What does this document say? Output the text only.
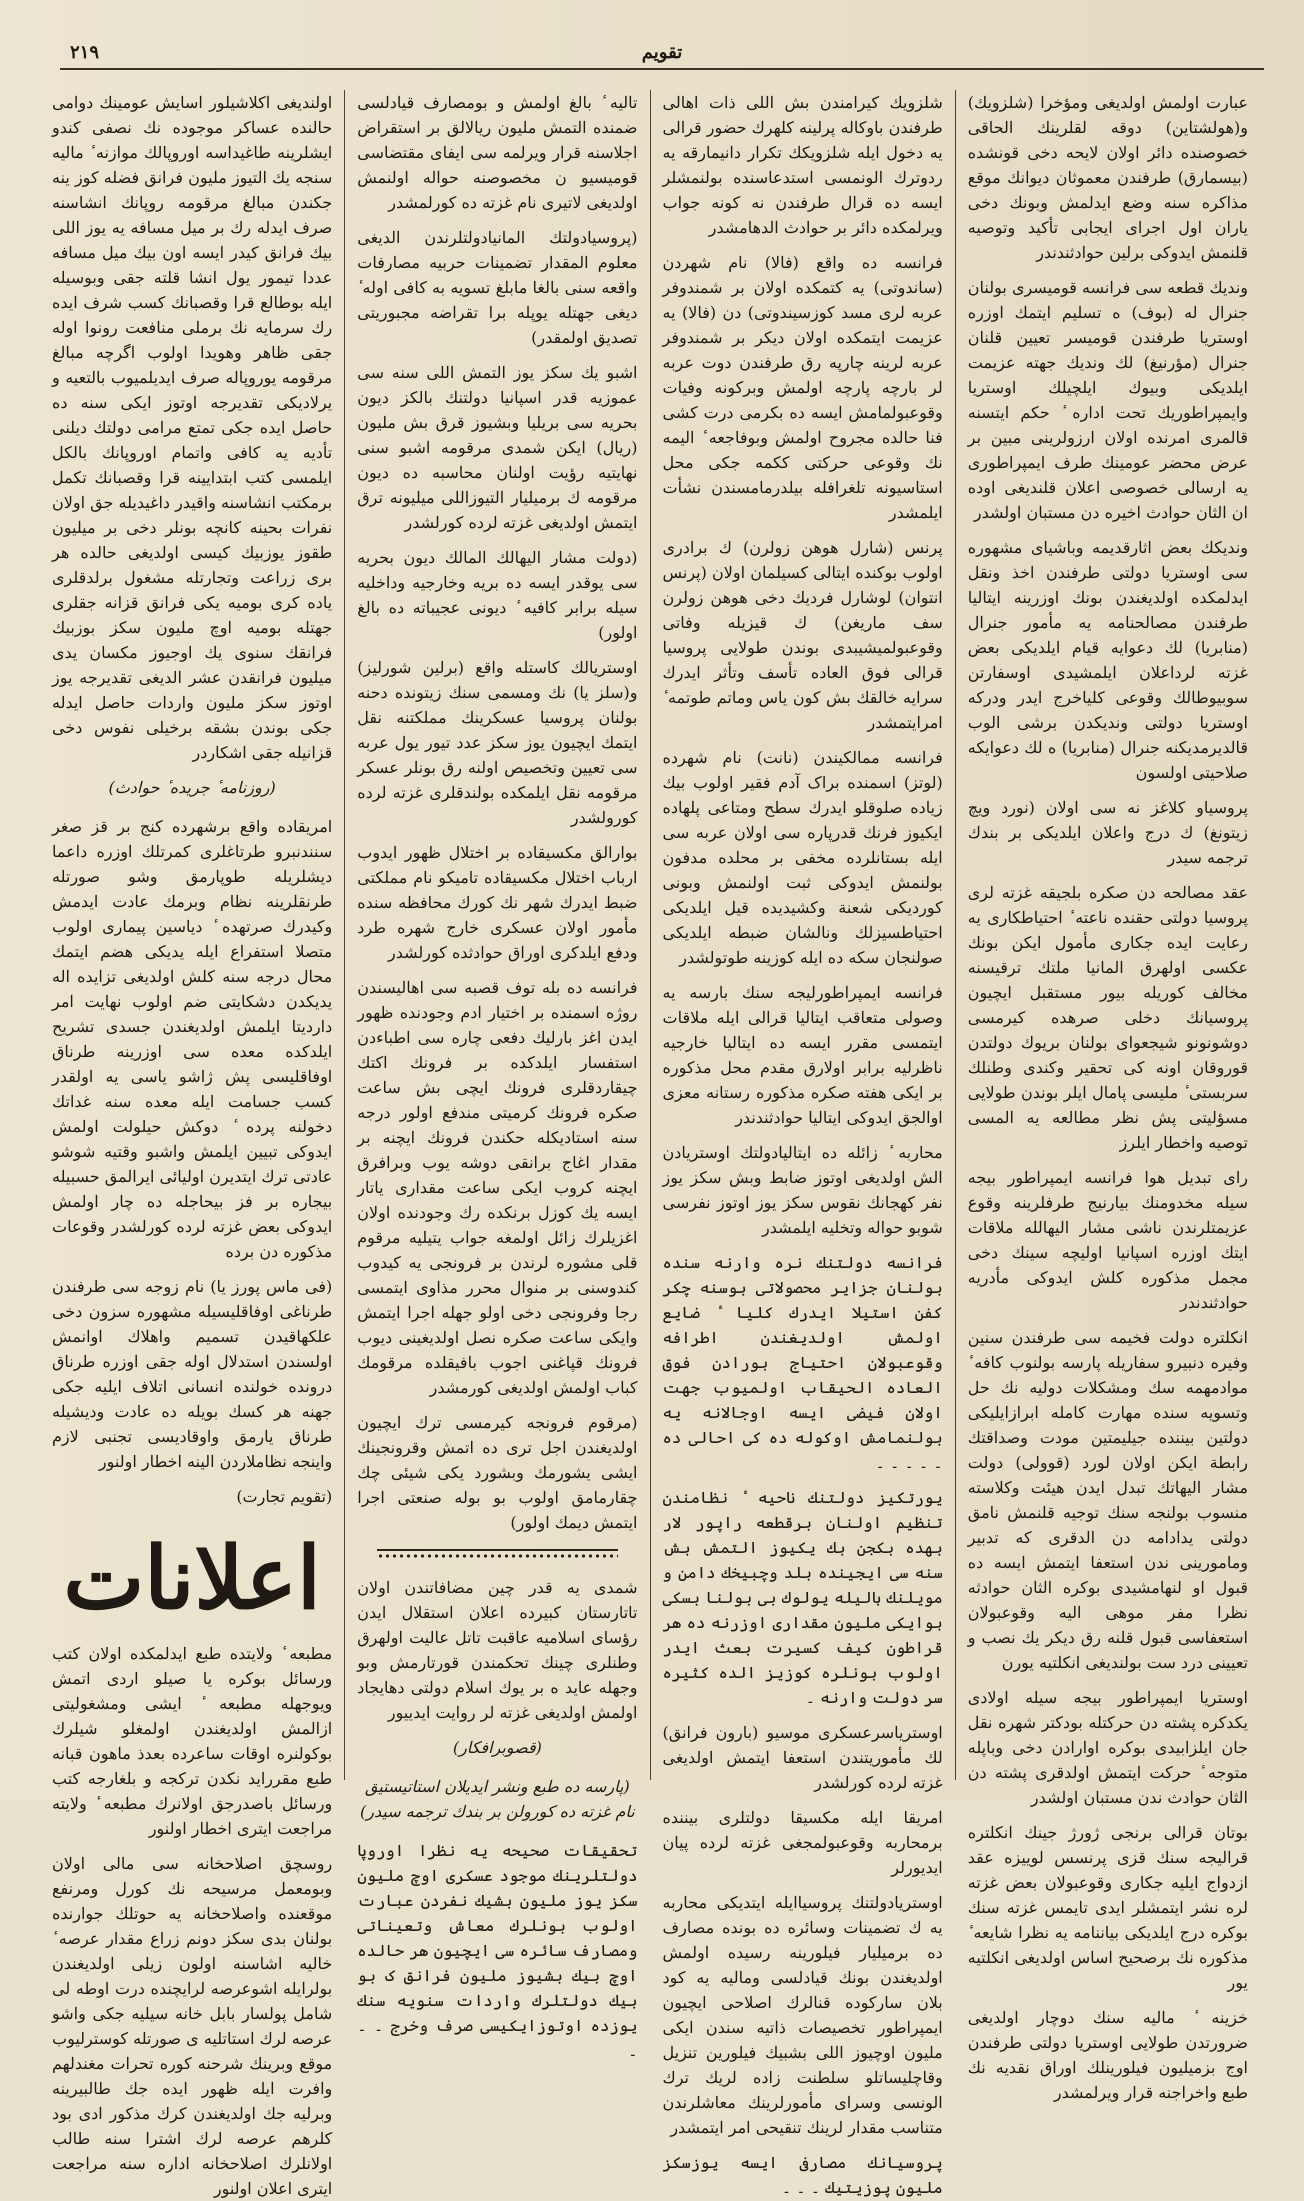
تقويم
٢١٩

عبارت اولمش اولدیغی ومؤخرا (شلزویك) و(هولشتاین) دوقه لقلرینك الحاقی خصوصنده دائر اولان لایحه دخی قونشده (بیسمارق) طرفندن معموثان دیوانك موقع مذاکره سنه وضع ایدلمش وبونك دخی یاران اول اجرای ایجابی تأکید وتوصیه قلنمش ایدوکی برلین حوادثندندر

وندیك قطعه سی فرانسه قومیسری بولنان جنرال له (بوف) ه تسلیم ایتمك اوزره اوستریا طرفندن قومیسر تعیین قلنان جنرال (مؤرنیغ) لك وندیك جهته عزیمت ایلدیکی وبیوك ایلچیلك اوستریا وایمپراطوریك تحت اداره ٔ حکم ایتسنه قالمری امرنده اولان ارزولرینی مبین بر عرض محضر عومینك طرف ایمپراطوری یه ارسالی خصوصی اعلان قلندیغی اوده ان الثان حوادث اخیره دن مستبان اولشدر

وندیکك بعض اثارقدیمه وباشیای مشهوره سی اوستریا دولتی طرفندن اخذ ونقل ایدلمکده اولدیغندن بونك اوزرینه ایتالیا طرفندن مصالحنامه یه مأمور جنرال (منابریا) لك دعوایه قیام ایلدیکی بعض غزته لرداعلان ایلمشیدی اوسفارتن سوبیوطالك وقوعی کلیاخرج ایدر ودرکه اوستریا دولتی وندیکدن برشی الوب قالدیرمدیکنه جنرال (منابریا) ه لك دعوایکه صلاحیتی اولسون

پروسیاو کلاغز نه سی اولان (نورد ویچ زیتونغ) ك درج واعلان ایلدیکی بر بندك ترجمه سیدر

عقد مصالحه دن صکره بلجیقه غزته لری پروسیا دولتی حقنده ناعته ٔ احتیاطکاری یه رعایت ایده جکاری مأمول ایکن بونك عکسی اولهرق المانیا ملتك ترقیسنه مخالف کوریله بیور مستقبل ایچیون پروسیانك دخلی صرهده کیرمسی دوشونونو شیجعوای بولنان بریوك دولتدن قوروقان اونه کی تحقیر وکندی وطنلك سربستی ٔ ملیسی پامال ایلر بوندن طولایی مسؤلیتی پش نظر مطالعه یه المسی توصیه واخطار ایلرز

رای تبدیل هوا فرانسه ایمپراطور بیجه سیله مخدومنك بیارنیج طرفلرینه وقوع عزیمتلرندن ناشی مشار الیهالله ملاقات ایتك اوزره اسپانیا اولیچه سینك دخی مجمل مذکوره کلش ایدوکی مأدریه حوادثندندر

انکلتره دولت فخیمه سی طرفندن سنین وفیره دنبیرو سفاریله پارسه بولنوب کافه ٔ موادمهمه سك ومشکلات دولیه نك حل وتسویه سنده مهارت کامله ابرازایلیکی دولتین بیننده جیلیمتین مودت وصداقتك رابطة ایکن اولان لورد (قوولی) دولت مشار الیهاتك تبدل ایدن هیئت وکلاسته منسوب بولنجه سنك توجیه قلنمش نامق دولتی یدادامه دن الدقری که تدبیر ومامورینی ندن استعفا ایتمش ایسه ده قبول او لنهامشیدی بوکره الثان حوادثه نظرا مفر موهی الیه وقوعبولان استعفاسی قبول قلنه رق دیکر یك نصب و تعیینی درد ست بولندیغی انکلتیه یورن

اوستریا ایمپراطور بیجه سیله اولادی یکدکره پشته دن حرکتله بودکتر شهره نقل جان ایلزابیدی بوکره اوارادن دخی وباپله متوجه ٔ حرکت ایتمش اولدقری پشته دن الثان حوادث ندن مستبان اولشدر

بوتان قرالی برنجی ژورژ جینك انکلتره قرالیجه سنك قزی پرنسس لوییزه عقد ازدواج ایلیه جکاری وقوعبولان بعض غزته لره نشر ایتمشلر ایدی تایمس غزته سنك بوکره درج ایلدیکی بیاننامه یه نظرا شایعه ٔ مذکوره نك برصحیح اساس اولدیغی انکلتیه یور

خزینه ٔ مالیه سنك دوچار اولدیغی ضرورتدن طولایی اوستریا دولتی طرفندن اوج بزمیلیون فیلورینلك اوراق نقدیه نك طبع واخراجنه قرار ویرلمشدر

شلزویك كيرامندن بش اللی ذات اهالی طرفندن باوکاله پرلینه کلهرك حضور قرالی یه دخول ایله شلزویکك تکرار دانیمارقه یه ردوترك الونمسی استدعاسنده بولنمشلر ایسه ده قرال طرفندن نه کونه جواب ویرلمکده دائر بر حوادث الدهامشدر

فرانسه ده واقع (فالا) نام شهردن (ساندوتی) یه کتمکده اولان بر شمندوفر عربه لری مسد کوزسیندوتی) دن (فالا) یه عزیمت ایتمکده اولان دیکر بر شمندوفر عربه لرینه چارپه رق طرفندن دوت عربه لر بارچه پارچه اولمش وبرکونه وفیات وقوعبولمامش ایسه ده بکرمی درت کشی فنا حالده مجروح اولمش وبوفاجعه ٔ الیمه نك وقوعی حرکتی ککمه جکی محل استاسیونه تلغرافله بیلدرمامسندن نشأت ایلمشدر

پرنس (شارل هوهن زولرن) ك برادری اولوب بوکنده ایتالی کسیلمان اولان (پرنس انتوان) لوشارل فردیك دخی هوهن زولرن سف ماریغن) ك قیزیله وفاتی وقوعبولمیشیبدی بوندن طولایی پروسیا قرالی فوق العاده تأسف وتأثر ایدرك سرایه خالقك بش کون یاس وماتم طوتمه ٔ امرایتمشدر

فرانسه ممالکیندن (نانت) نام شهرده (لوتز) اسمنده براک آدم فقیر اولوب بیك زیاده صلوقلو ایدرك سطح ومتاعی پلهاده ایکیوز فرنك قدرپاره سی اولان عربه سی ایله بستانلرده مخفی بر محلده مدفون بولنمش ایدوکی ثبت اولنمش وبونی کوردیکی شعنة وکشیدیده قیل ایلدیکی احتیاطسیزلك ونالشان ضبطه ایلدیکی صولنجان سکه ده ایله کوزینه طوتولشدر

فرانسه ایمپراطورلیجه سنك بارسه یه وصولی متعاقب ایتالیا قرالی ایله ملاقات ایتمسی مقرر ایسه ده ایتالیا خارجیه ناظرلیه برابر اولارق مقدم محل مذکوره بر ایکی هفته صکره مذکوره رستانه معزی اوالجق ایدوکی ایتالیا حوادثندندر

محاربه ٔ زائله ده ایتالیادولتك اوستریادن الش اولدیغی اوتوز ضابط وبش سکز یوز نفر کهجانك نقوس سکز یوز اوتوز نفرسی شوبو حواله وتخلیه ایلمشدر

فرانسه دولتنك نره وارنه سنده بولنان جزایر محصولاتی بوسنه چکر کفن استیلا ایدرك کلیا ٔ ضایع اولمش اولدیغندن اطرافه وقوعبولان احتیاج بورادن فوق العاده الحیقاب اولمیوب جهت اولان فیضی ایسه اوجالانه یه بولنمامش اوکوله ده کی احالی ده ۔ ۔ ۔ ۔ ۔

یورتکیز دولتنك ناحیه ٔ نظامندن تنظیم اولنان برقطعه راپور لار بهده بکجن بك یكیوز التمش بش سنه سی ایجینده بلد وچبیخك دامن و مویلنك بالیله یولوك بی بولنا بسکی بوایکی ملیون مقداری اوزرنه ده هر قراطون کیف کسیرت بعث ایدر اولوب بونلره کوزیز الده کثیره سر دولت وارنه ۔

اوستریاسرعسکری موسیو (بارون فرانق) لك مأموریتندن استعفا ایتمش اولدیغی غزته لرده کورلشدر

امریقا ایله مکسیقا دولتلری بیننده برمحاربه وقوعبولمجغی غزته لرده پیان ایدیورلر

اوستریادولتنك پروسیاایله ایتدیکی محاربه یه ك تضمینات وسائره ده بونده مصارف ده برمیلیار فیلورینه رسیده اولمش اولدیغندن بونك قیادلسی ومالیه یه کود بلان سارکوده قنالرك اصلاحی ایچیون ایمپراطور تخصیصات ذاتیه سندن ایکی ملیون اوچیوز اللی بشبیك فیلورین تنزیل وقاچلیساتلو سلطنت زاده لریك ترك الونسی وسرای مأمورلرینك معاشلرندن متناسب مقدار لرینك تنقیحی امر ایتمشدر

پروسیانك مصارفی ایسه یوزسکز ملیون پوزیتیك ۔ ۔ ۔

تالیه ٔ بالغ اولمش و بومصارف قیادلسی ضمنده التمش ملیون ریالالق بر استقراض اجلاسنه قرار ویرلمه سی ایفای مقتضاسی قومیسیو ن مخصوصنه حواله اولنمش اولدیغی لاتیری نام غزته ده کورلمشدر

(پروسیادولتك المانیادولتلرندن الدیغی معلوم المقدار تضمینات حربیه مصارفات واقعه سنی بالغا مابلغ تسویه به کافی اوله ٔ دیغی جهتله یوپله برا تقراضه مجبوریتی تصدیق اولمقدر)

اشبو یك سکز یوز التمش اللی سنه سی عموزیه قدر اسپانیا دولتنك بالکز دیون بحریه سی بریلیا وبشیوز قرق بش ملیون (ریال) ایکن شمدی مرقومه اشبو سنی نهایتیه رؤیت اولنان محاسبه ده دیون مرقومه ك برمیلیار التیوزاللی میلیونه ترق ایتمش اولدیغی غزته لرده کورلشدر

(دولت مشار الیهالك المالك دیون بحریه سی یوقدر ایسه ده بریه وخارجیه وداخلیه سیله برابر کافیه ٔ دیونی عجیباته ده بالغ اولور)

اوستریالك کاستله واقع (برلین شورلیز) و(سلز یا) نك ومسمی سنك زیتونده دحنه بولنان پروسیا عسکرینك مملکتنه نقل ایتمك ایچیون یوز سکز عدد تیور یول عربه سی تعیین وتخصیص اولنه رق بونلر عسکر مرقومه نقل ایلمکده بولندقلری غزته لرده کورولشدر

بوارالق مکسیقاده بر اختلال ظهور ایدوب ارباب اختلال مکسیقاده تامیکو نام مملکتی ضبط ایدرك شهر نك کورك محافظه سنده مأمور اولان عسکری خارج شهره طرد ودفع ایلدکری اوراق حوادثده کورلشدر

فرانسه ده بله توف قصبه سی اهالیسندن روژه اسمنده بر اختیار ادم وجودنده ظهور ایدن اغز بارلیك دفعی چاره سی اطباءدن استفسار ایلدکده بر فرونك اکتك چیقاردقلری فرونك ایچی بش ساعت صکره فرونك کرمیتی مندفع اولور درجه سنه استادیکله حکندن فرونك ایچنه بر مقدار اغاج برانقی دوشه یوب وبرافرق ایچنه کروب ایکی ساعت مقداری یاتار ایسه یك کوزل برنکده رك وجودنده اولان اغزیلرك زائل اولمغه جواب یتیلیه مرقوم قلی مشوره لرندن بر فرونجی یه کیدوب کندوسنی بر منوال محرر مذاوی ایتمسی رجا وفرونجی دخی اولو جهله اجرا ایتمش وایکی ساعت صکره نصل اولدیغینی دیوب فرونك قپاغنی اجوب بافیقلده مرقومك کباب اولمش اولدیغی کورمشدر

(مرقوم فرونجه کیرمسی ترك ایچیون اولدیغندن اجل تری ده اتمش وقرونجینك ایشی یشورمك وبشورد یکی شیئی چك چقارمامق اولوب بو بوله صنعتی اجرا ایتمش دیمك اولور)

شمدی یه قدر چین مضافاتندن اولان تاتارستان کبیرده اعلان استقلال ایدن رؤسای اسلامیه عاقبت تاتل عالیت اولهرق وطنلری چینك تحکمندن قورتارمش وبو وجهله عاید ه بر یوك اسلام دولتی دهایجاد اولمش اولدیغی غزته لر روایت ایدییور

(قصوبرافکار)

(پارسه ده طبع ونشر ایدیلان استاتیستیق نام غزته ده کورولن بر بندك ترجمه سیدر)

تحقیقات صحیحه یه نظرا اوروپا دولتلرینك موجود عسکری اوچ ملیون سکز یوز ملیون بشیك نفردن عبارت اولوب بونلرك معاش وتعیناتی ومصارف سائره سی ایچیون هر حالده اوچ بیك بشیوز ملیون فرانق ک بو بیك دولتلرك واردات سنویه سنك یوزده اوتوزایکیسی صرف وخرج ۔ ۔ ۔

اولندیغی اکلاشیلور اسایش عومینك دوامی حالنده عساکر موجوده نك نصفی کندو ایشلرینه طاغیداسه اوروپالك موازنه ٔ مالیه سنجه یك التیوز ملیون فرانق فضله کوز ینه جکندن مبالغ مرقومه روپانك انشاسنه صرف ایدله رك بر میل مسافه یه یوز اللی بیك فرانق کیدر ایسه اون بیك میل مسافه عددا تیمور یول انشا قلته جقی وبوسیله ایله بوطالع قرا وقصبانك کسب شرف ایده رك سرمایه نك برملی منافعت رونوا اوله جقی ظاهر وهویدا اولوب اگرچه مبالغ مرقومه یوروپاله صرف ایدیلمیوب بالتعیه و یرلادیکی تقدیرجه اوتوز ایکی سنه ده حاصل ایده جکی تمتع مرامی دولتك دیلنی تأدیه یه کافی واتمام اوروپانك بالکل ایلمسی کتب ابتدایینه قرا وقصبانك تکمل برمکتب انشاسنه واقیدر داغیدیله جق اولان نفرات بحینه کانچه بونلر دخی بر میلیون طقوز یوزبیك کیسی اولدیغی حالده هر بری زراعت وتجارتله مشغول برلدقلری یاده کری بومیه یکی فرانق قزانه جقلری جهتله بومیه اوچ ملیون سکز بوزبیك فرانقك سنوی یك اوجیوز مکسان یدی میلیون فرانقدن عشر الدیغی تقدیرجه یوز اوتوز سکز ملیون واردات حاصل ایدله جکی بوندن بشقه برخیلی نفوس دخی قزانیله جقی اشکاردر

(روزنامه ٔ جریده ٔ حوادث)

امریقاده واقع برشهرده کنج بر قز صغر سنندنبرو طرتاغلری کمرتلك اوزره داعما دیشلریله طوپارمق وشو صورتله طرنقلرینه نظام وبرمك عادت ایدمش وکیدرك صرتهده ٔ دیاسین پیماری اولوب متصلا استفراع ایله یدیکی هضم ایتمك محال درجه سنه کلش اولدیغی تزایده اله یدیکدن دشکایتی ضم اولوب نهایت امر داردیتا ایلمش اولدیغندن جسدی تشریح ایلدکده معده سی اوزرینه طرناق اوفاقلیسی پش ژاشو یاسی یه اولقدر کسب جسامت ایله معده سنه غداتك دخولنه پرده ٔ دوکش حیلولت اولمش ایدوکی تبیین ایلمش واشبو وقتیه شوشو عادتی ترك ایتدیرن اولیائی ایرالمق حسبیله بیجاره بر فز بیحاجله ده چار اولمش ایدوکی بعض غزته لرده کورلشدر وقوعات مذکوره دن برده

(فی ماس پورز یا) نام زوجه سی طرفندن طرناغی اوفاقلیسیله مشهوره سزون دخی علکهاقیدن تسمیم واهلاك اوانمش اولسندن استدلال اوله جقی اوزره طرناق درونده خولنده انسانی اتلاف ایلیه جکی جهنه هر کسك بویله ده عادت ودیشیله طرناق یارمق واوقادیسی تجنبی لازم واینجه نظاملاردن الینه اخطار اولنور

(تقویم تجارت)

اعلانات

مطبعه ٔ ولایتده طبع ایدلمکده اولان کتب ورسائل بوکره یا صیلو اردی اتمش ویوجهله مطبعه ٔ ایشی ومشغولیتی ازالمش اولدیغندن اولمغلو شیلرك بوکولنره اوقات ساعرده بعدذ ماهون قبانه طبع مقرراید نکدن ترکجه و بلغارجه کتب ورسائل باصدرجق اولانرك مطبعه ٔ ولایته مراجعت ایتری اخطار اولنور

روسچق اصلاحخانه سی مالی اولان وبومعمل مرسیحه نك کورل ومرنفع موقعنده واصلاحخانه یه حوتلك جوارنده بولنان بدی سکز دونم زراع مقدار عرصه ٔ خالیه اشاسنه اولون زیلی اولدیغندن بولرایله اشوعرصه لرایچنده درت اوطه لی شامل پولسار بابل خانه سیلیه جكی واشو عرصه لرك استاتلیه ی صورتله کوسترلیوب موقع وبرینك شرحنه کوره تحرات مغندلهم وافرت ایله ظهور ایده جك طالبیرینه وبرلیه جك اولدیغندن کرك مذکور ادی بود کلرهم عرصه لرك اشترا سنه طالب اولانلرك اصلاحخانه اداره سنه مراجعت ایتری اعلان اولنور
